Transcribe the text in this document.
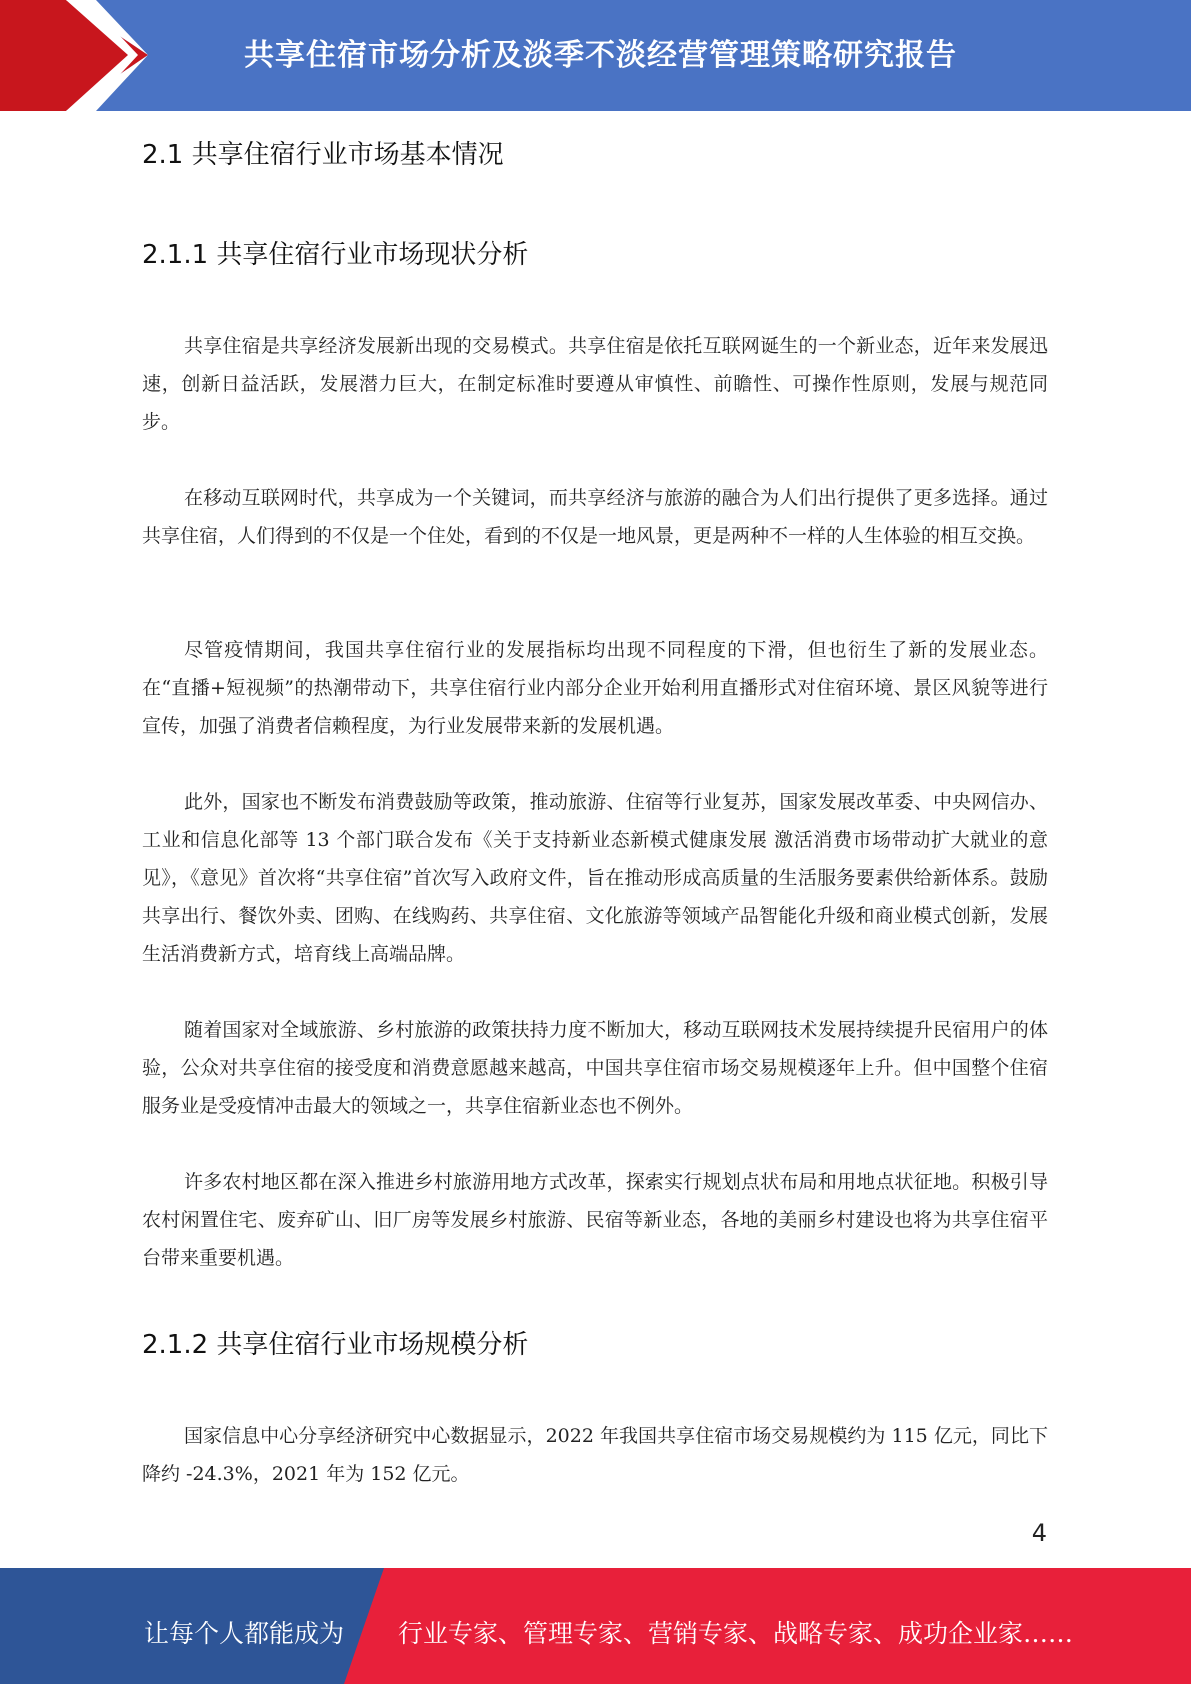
共享住宿市场分析及淡季不淡经营管理策略研究报告
2.1 共享住宿行业市场基本情况
2.1.1 共享住宿行业市场现状分析

共享住宿是共享经济发展新出现的交易模式。共享住宿是依托互联网诞生的一个新业态，近年来发展迅速，创新日益活跃，发展潜力巨大，在制定标准时要遵从审慎性、前瞻性、可操作性原则，发展与规范同步。

在移动互联网时代，共享成为一个关键词，而共享经济与旅游的融合为人们出行提供了更多选择。通过共享住宿，人们得到的不仅是一个住处，看到的不仅是一地风景，更是两种不一样的人生体验的相互交换。

尽管疫情期间，我国共享住宿行业的发展指标均出现不同程度的下滑，但也衍生了新的发展业态。在“直播+短视频”的热潮带动下，共享住宿行业内部分企业开始利用直播形式对住宿环境、景区风貌等进行宣传，加强了消费者信赖程度，为行业发展带来新的发展机遇。

此外，国家也不断发布消费鼓励等政策，推动旅游、住宿等行业复苏，国家发展改革委、中央网信办、工业和信息化部等 13 个部门联合发布《关于支持新业态新模式健康发展 激活消费市场带动扩大就业的意见》，《意见》首次将“共享住宿”首次写入政府文件，旨在推动形成高质量的生活服务要素供给新体系。鼓励共享出行、餐饮外卖、团购、在线购药、共享住宿、文化旅游等领域产品智能化升级和商业模式创新，发展生活消费新方式，培育线上高端品牌。

随着国家对全域旅游、乡村旅游的政策扶持力度不断加大，移动互联网技术发展持续提升民宿用户的体验，公众对共享住宿的接受度和消费意愿越来越高，中国共享住宿市场交易规模逐年上升。但中国整个住宿服务业是受疫情冲击最大的领域之一，共享住宿新业态也不例外。

许多农村地区都在深入推进乡村旅游用地方式改革，探索实行规划点状布局和用地点状征地。积极引导农村闲置住宅、废弃矿山、旧厂房等发展乡村旅游、民宿等新业态，各地的美丽乡村建设也将为共享住宿平台带来重要机遇。

2.1.2 共享住宿行业市场规模分析

国家信息中心分享经济研究中心数据显示，2022 年我国共享住宿市场交易规模约为 115 亿元，同比下降约 -24.3%，2021 年为 152 亿元。

4
让每个人都能成为 行业专家、管理专家、营销专家、战略专家、成功企业家……
